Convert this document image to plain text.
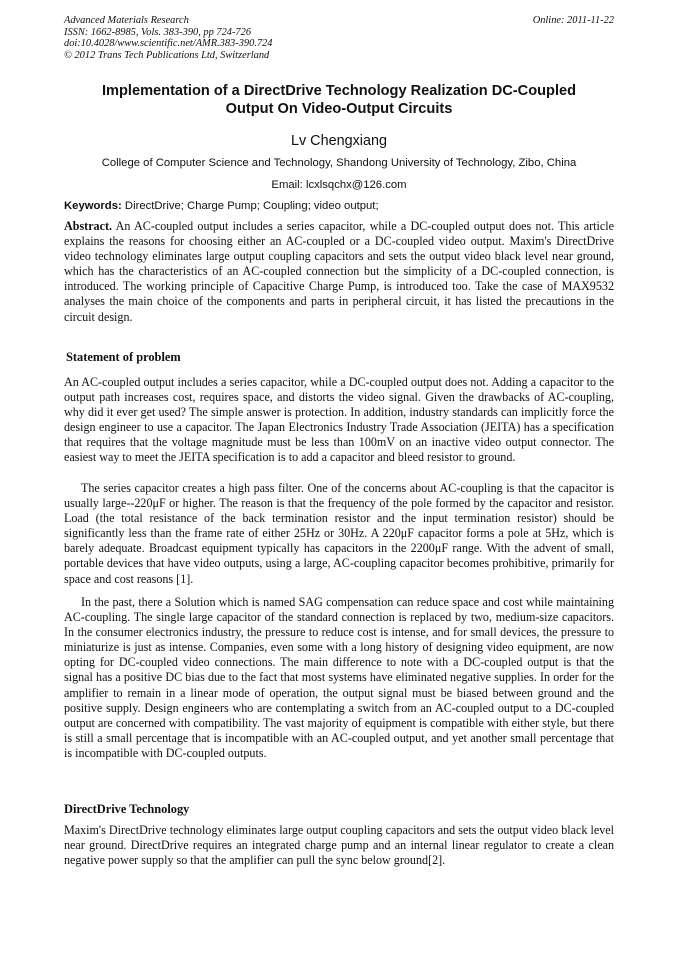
Advanced Materials Research
ISSN: 1662-8985, Vols. 383-390, pp 724-726
doi:10.4028/www.scientific.net/AMR.383-390.724
© 2012 Trans Tech Publications Ltd, Switzerland
Online: 2011-11-22
Implementation of a DirectDrive Technology Realization DC-Coupled
Output On Video-Output Circuits
Lv Chengxiang
College of Computer Science and Technology, Shandong University of Technology, Zibo, China
Email: lcxlsqchx@126.com
Keywords: DirectDrive; Charge Pump; Coupling; video output;

Abstract. An AC-coupled output includes a series capacitor, while a DC-coupled output does not. This article explains the reasons for choosing either an AC-coupled or a DC-coupled video output. Maxim's DirectDrive video technology eliminates large output coupling capacitors and sets the output video black level near ground, which has the characteristics of an AC-coupled connection but the simplicity of a DC-coupled connection, is introduced. The working principle of Capacitive Charge Pump, is introduced too. Take the case of MAX9532 analyses the main choice of the components and parts in peripheral circuit, it has listed the precautions in the circuit design.

Statement of problem

An AC-coupled output includes a series capacitor, while a DC-coupled output does not. Adding a capacitor to the output path increases cost, requires space, and distorts the video signal. Given the drawbacks of AC-coupling, why did it ever get used? The simple answer is protection. In addition, industry standards can implicitly force the design engineer to use a capacitor. The Japan Electronics Industry Trade Association (JEITA) has a specification that requires that the voltage magnitude must be less than 100mV on an inactive video output connector. The easiest way to meet the JEITA specification is to add a capacitor and bleed resistor to ground.

The series capacitor creates a high pass filter. One of the concerns about AC-coupling is that the capacitor is usually large--220μF or higher. The reason is that the frequency of the pole formed by the capacitor and resistor. Load (the total resistance of the back termination resistor and the input termination resistor) should be significantly less than the frame rate of either 25Hz or 30Hz. A 220μF capacitor forms a pole at 5Hz, which is barely adequate. Broadcast equipment typically has capacitors in the 2200μF range. With the advent of small, portable devices that have video outputs, using a large, AC-coupling capacitor becomes prohibitive, primarily for space and cost reasons [1].

In the past, there a Solution which is named SAG compensation can reduce space and cost while maintaining AC-coupling. The single large capacitor of the standard connection is replaced by two, medium-size capacitors. In the consumer electronics industry, the pressure to reduce cost is intense, and for small devices, the pressure to miniaturize is just as intense. Companies, even some with a long history of designing video equipment, are now opting for DC-coupled video connections. The main difference to note with a DC-coupled output is that the signal has a positive DC bias due to the fact that most systems have eliminated negative supplies. In order for the amplifier to remain in a linear mode of operation, the output signal must be biased between ground and the positive supply. Design engineers who are contemplating a switch from an AC-coupled output to a DC-coupled output are concerned with compatibility. The vast majority of equipment is compatible with either style, but there is still a small percentage that is incompatible with an AC-coupled output, and yet another small percentage that is incompatible with DC-coupled outputs.

DirectDrive Technology

Maxim's DirectDrive technology eliminates large output coupling capacitors and sets the output video black level near ground. DirectDrive requires an integrated charge pump and an internal linear regulator to create a clean negative power supply so that the amplifier can pull the sync below ground[2].
